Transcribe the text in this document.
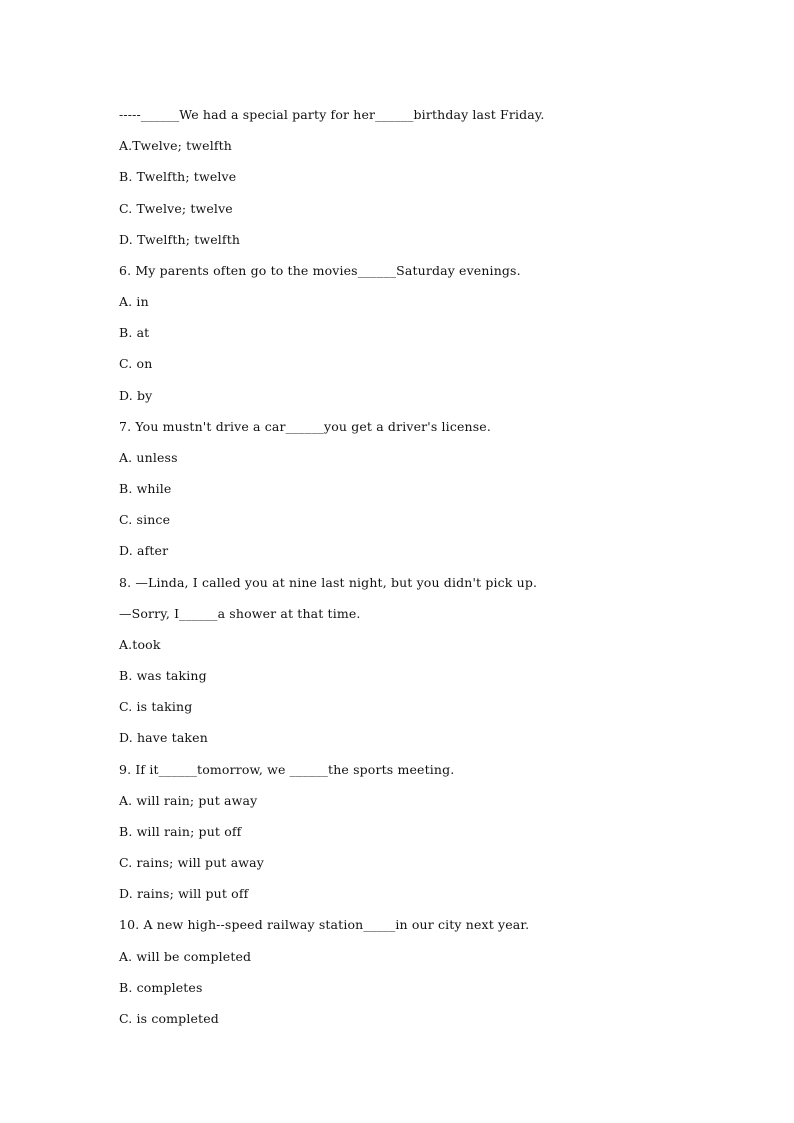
-----______We had a special party for her______birthday last Friday.
A.Twelve; twelfth
B. Twelfth; twelve
C. Twelve; twelve
D. Twelfth; twelfth
6. My parents often go to the movies______Saturday evenings.
A. in
B. at
C. on
D. by
7. You mustn't drive a car______you get a driver's license.
A. unless
B. while
C. since
D. after
8. —Linda, I called you at nine last night, but you didn't pick up.
—Sorry, I______a shower at that time.
A.took
B. was taking
C. is taking
D. have taken
9. If it______tomorrow, we ______the sports meeting.
A. will rain; put away
B. will rain; put off
C. rains; will put away
D. rains; will put off
10. A new high--speed railway station_____in our city next year.
A. will be completed
B. completes
C. is completed
